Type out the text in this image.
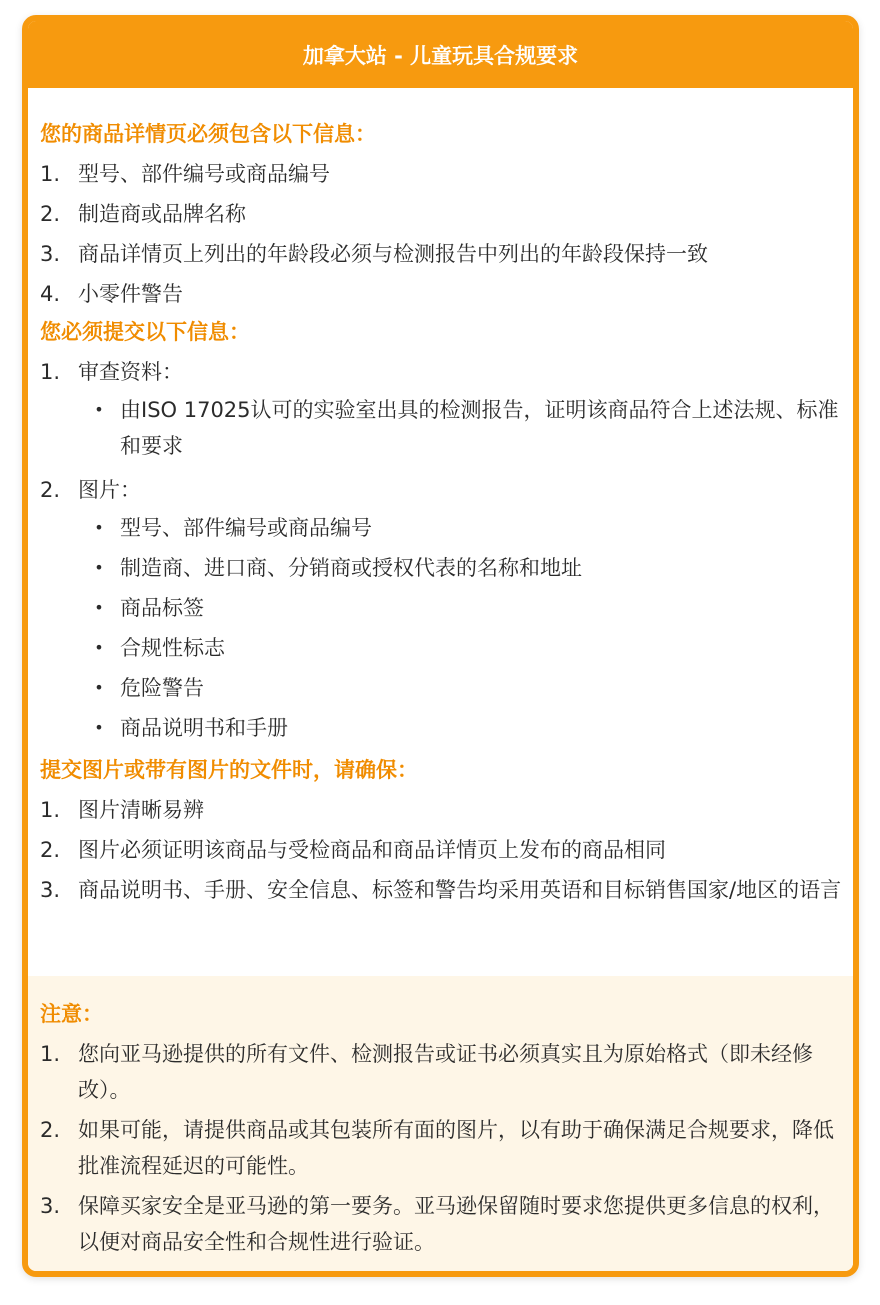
加拿大站 - 儿童玩具合规要求
您的商品详情页必须包含以下信息：
1. 型号、部件编号或商品编号
2. 制造商或品牌名称
3. 商品详情页上列出的年龄段必须与检测报告中列出的年龄段保持一致
4. 小零件警告
您必须提交以下信息：
1. 审查资料：
• 由ISO 17025认可的实验室出具的检测报告，证明该商品符合上述法规、标准和要求
2. 图片：
• 型号、部件编号或商品编号
• 制造商、进口商、分销商或授权代表的名称和地址
• 商品标签
• 合规性标志
• 危险警告
• 商品说明书和手册
提交图片或带有图片的文件时，请确保：
1. 图片清晰易辨
2. 图片必须证明该商品与受检商品和商品详情页上发布的商品相同
3. 商品说明书、手册、安全信息、标签和警告均采用英语和目标销售国家/地区的语言
注意：
1. 您向亚马逊提供的所有文件、检测报告或证书必须真实且为原始格式（即未经修改）。
2. 如果可能，请提供商品或其包装所有面的图片，以有助于确保满足合规要求，降低批准流程延迟的可能性。
3. 保障买家安全是亚马逊的第一要务。亚马逊保留随时要求您提供更多信息的权利，以便对商品安全性和合规性进行验证。
